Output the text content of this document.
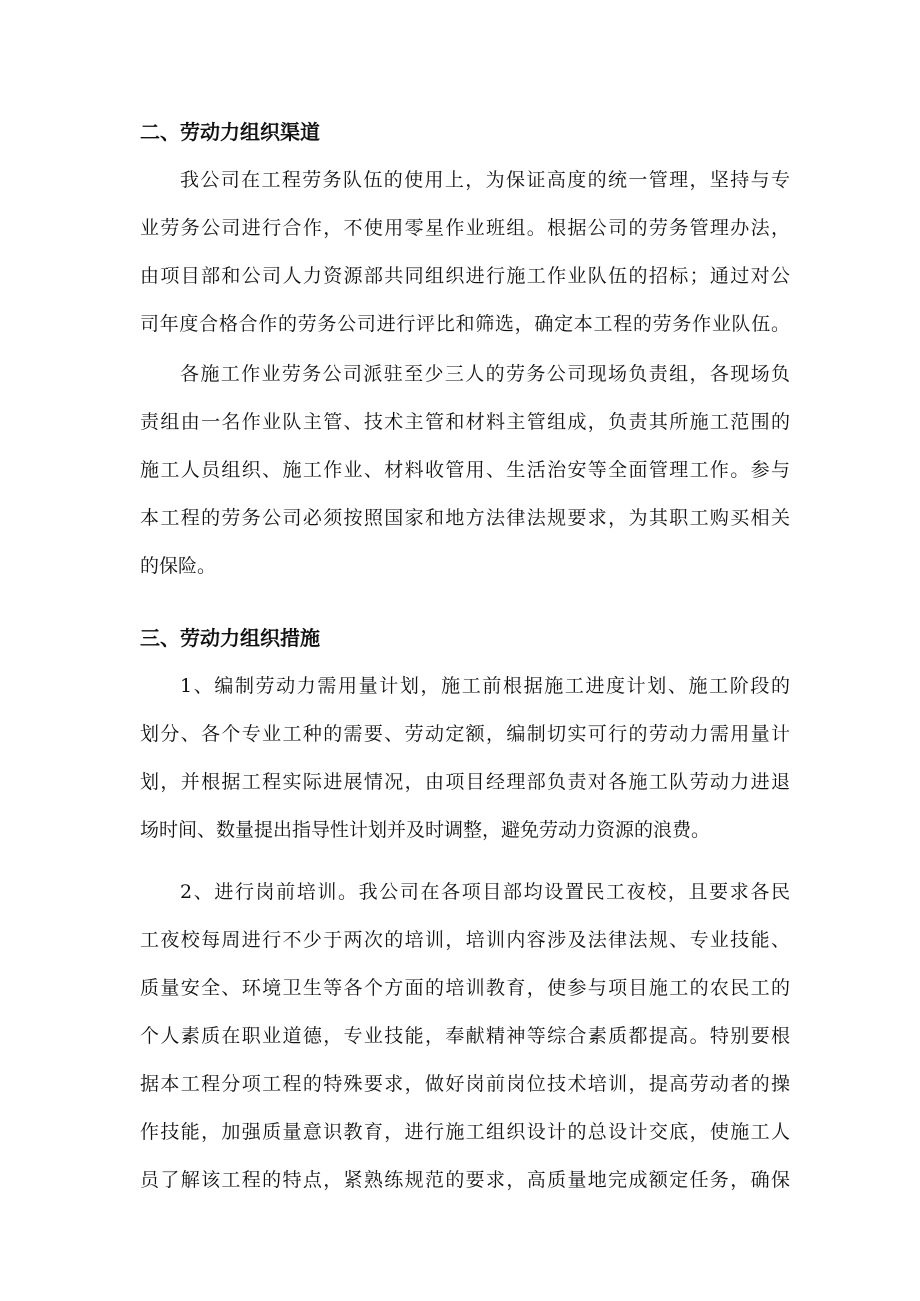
二、劳动力组织渠道

我公司在工程劳务队伍的使用上，为保证高度的统一管理，坚持与专
业劳务公司进行合作，不使用零星作业班组。根据公司的劳务管理办法，
由项目部和公司人力资源部共同组织进行施工作业队伍的招标；通过对公
司年度合格合作的劳务公司进行评比和筛选，确定本工程的劳务作业队伍。

各施工作业劳务公司派驻至少三人的劳务公司现场负责组，各现场负
责组由一名作业队主管、技术主管和材料主管组成，负责其所施工范围的
施工人员组织、施工作业、材料收管用、生活治安等全面管理工作。参与
本工程的劳务公司必须按照国家和地方法律法规要求，为其职工购买相关
的保险。

三、劳动力组织措施

1、编制劳动力需用量计划，施工前根据施工进度计划、施工阶段的
划分、各个专业工种的需要、劳动定额，编制切实可行的劳动力需用量计
划，并根据工程实际进展情况，由项目经理部负责对各施工队劳动力进退
场时间、数量提出指导性计划并及时调整，避免劳动力资源的浪费。

2、进行岗前培训。我公司在各项目部均设置民工夜校，且要求各民
工夜校每周进行不少于两次的培训，培训内容涉及法律法规、专业技能、
质量安全、环境卫生等各个方面的培训教育，使参与项目施工的农民工的
个人素质在职业道德，专业技能，奉献精神等综合素质都提高。特别要根
据本工程分项工程的特殊要求，做好岗前岗位技术培训，提高劳动者的操
作技能，加强质量意识教育，进行施工组织设计的总设计交底，使施工人
员了解该工程的特点，紧熟练规范的要求，高质量地完成额定任务，确保
